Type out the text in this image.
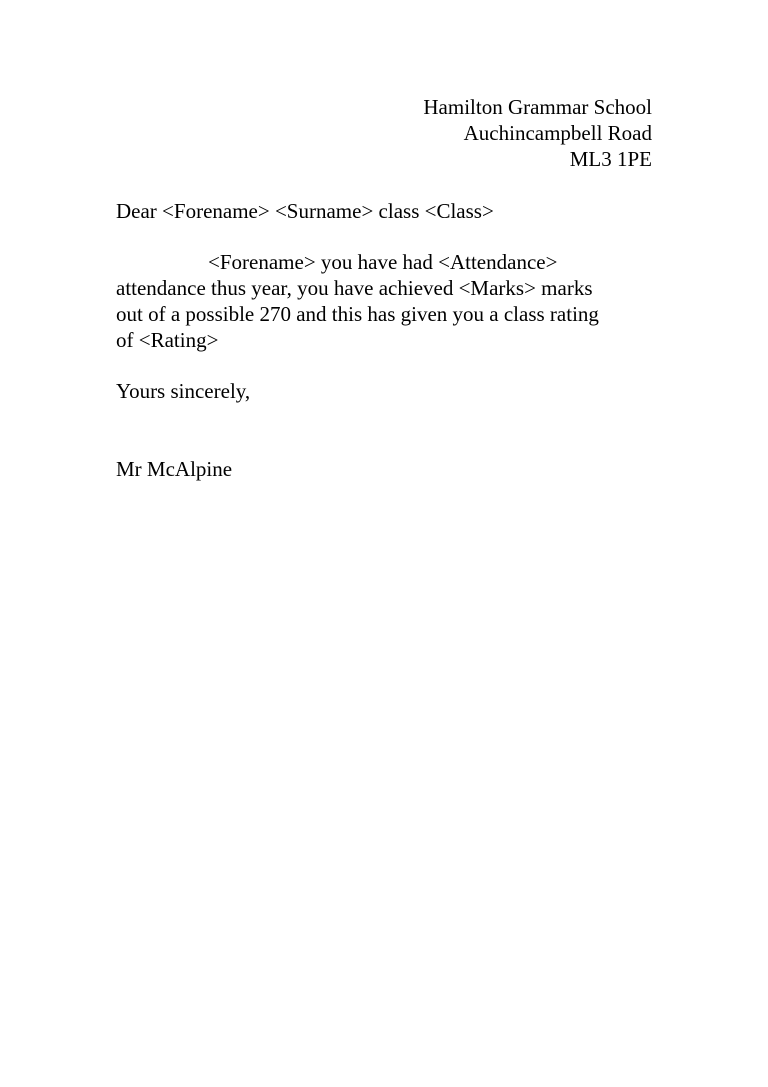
Hamilton Grammar School
Auchincampbell Road
ML3 1PE
Dear <Forename> <Surname> class <Class>
<Forename> you have had <Attendance>
attendance thus year, you have achieved <Marks> marks
out of a possible 270 and this has given you a class rating
of <Rating>
Yours sincerely,
Mr McAlpine
